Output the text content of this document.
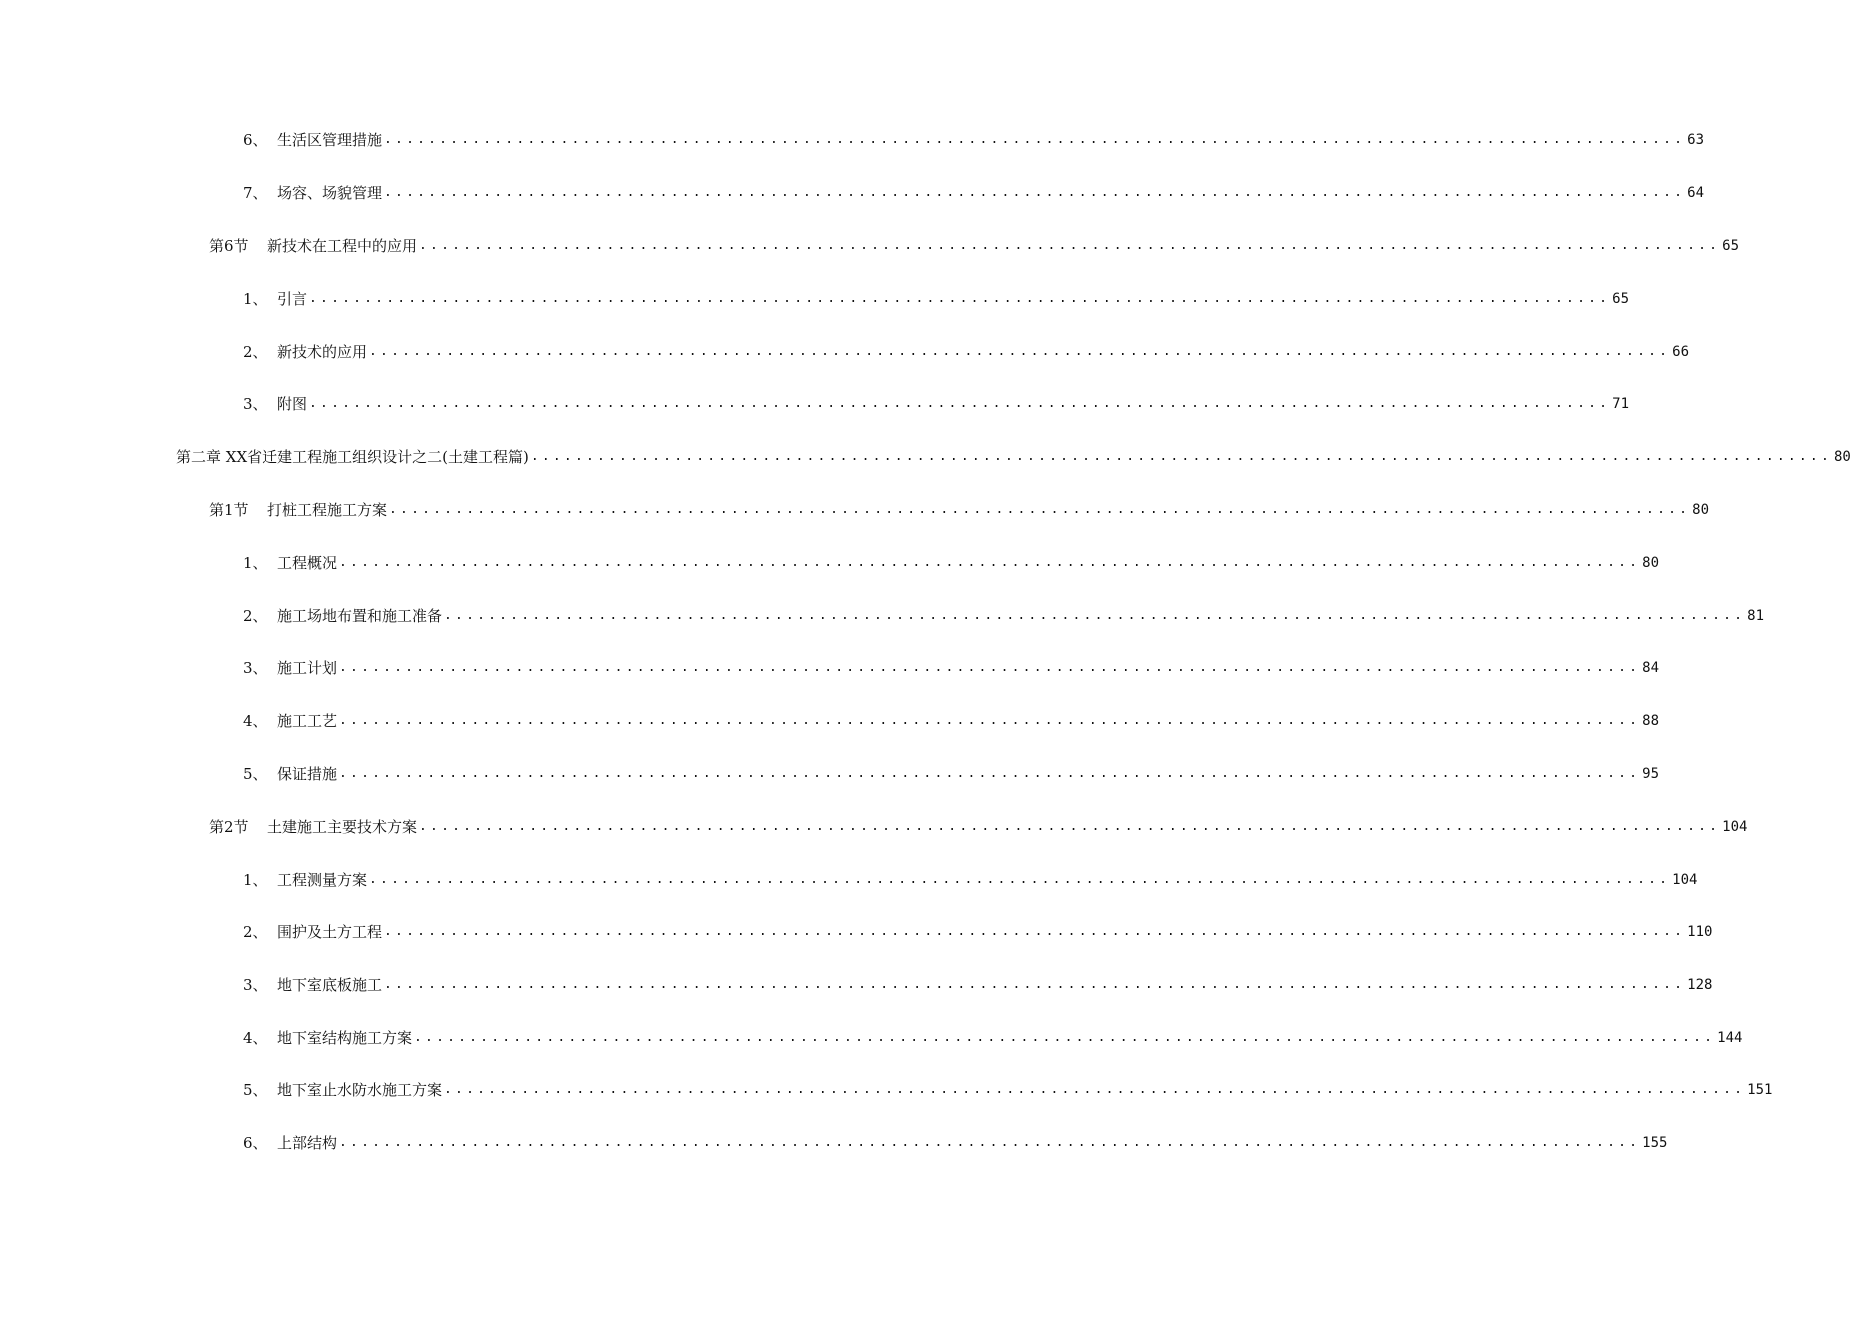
6、 生活区管理措施 ...................................................................................................................... 63
7、 场容、场貌管理 ...................................................................................................................... 64
第6节	新技术在工程中的应用 ...................................................................................................................... 65
1、 引言 ...................................................................................................................... 65
2、 新技术的应用 ...................................................................................................................... 66
3、 附图 ...................................................................................................................... 71
第二章 XX省迁建工程施工组织设计之二(土建工程篇) ...................................................................................................................... 80
第1节	打桩工程施工方案 ...................................................................................................................... 80
1、 工程概况 ...................................................................................................................... 80
2、 施工场地布置和施工准备 ...................................................................................................................... 81
3、 施工计划 ...................................................................................................................... 84
4、 施工工艺 ...................................................................................................................... 88
5、 保证措施 ...................................................................................................................... 95
第2节	土建施工主要技术方案 ...................................................................................................................... 104
1、 工程测量方案 ...................................................................................................................... 104
2、 围护及土方工程 ...................................................................................................................... 110
3、 地下室底板施工 ...................................................................................................................... 128
4、 地下室结构施工方案 ...................................................................................................................... 144
5、 地下室止水防水施工方案 ...................................................................................................................... 151
6、 上部结构 ...................................................................................................................... 155
